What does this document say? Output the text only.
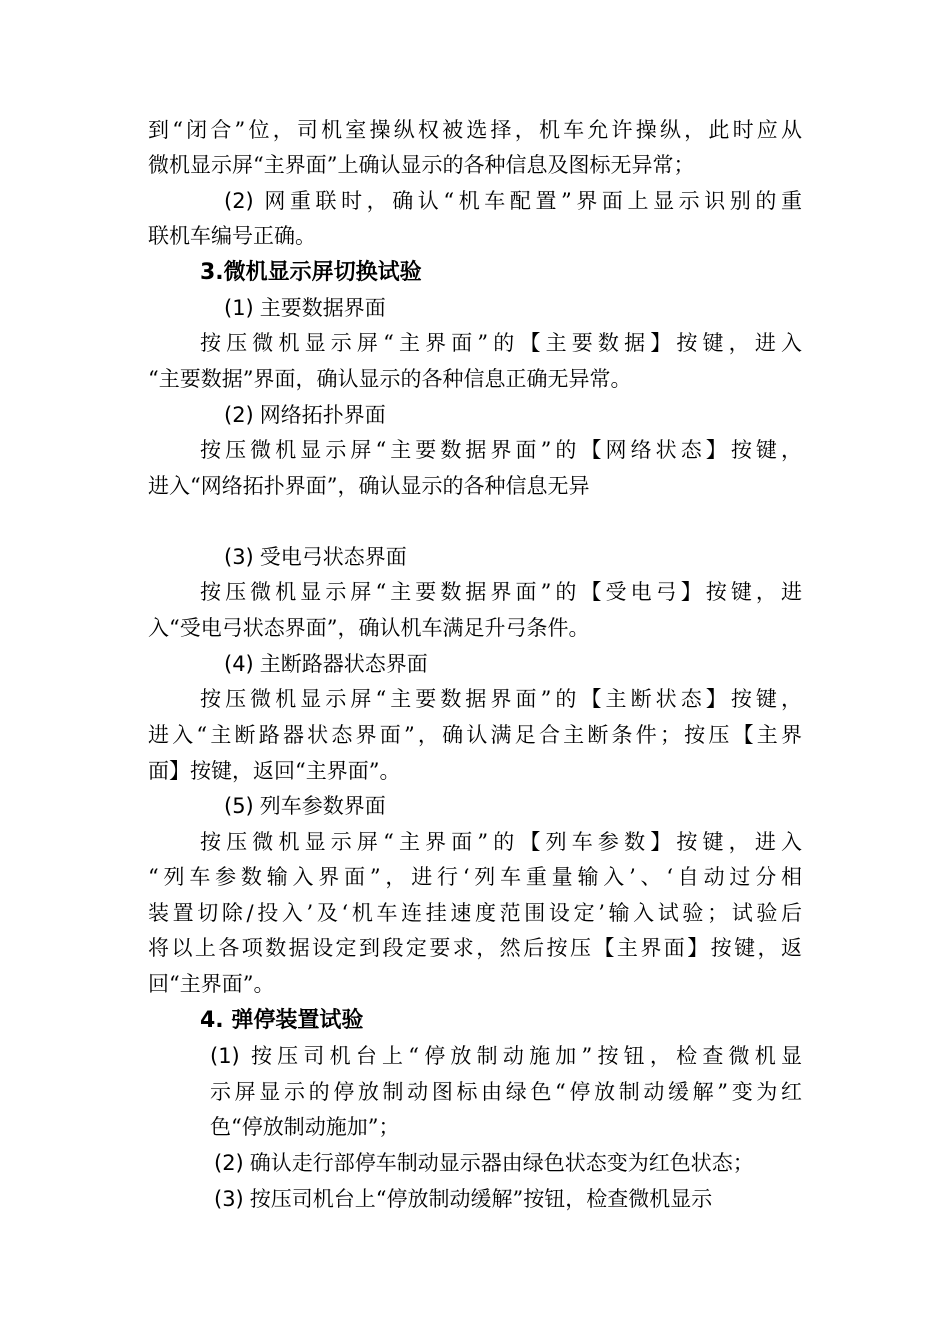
到“闭合”位，司机室操纵权被选择，机车允许操纵，此时应从

微机显示屏“主界面”上确认显示的各种信息及图标无异常；

(2) 网重联时，确认“机车配置”界面上显示识别的重

联机车编号正确。

3.微机显示屏切换试验

(1) 主要数据界面

按压微机显示屏“主界面”的【主要数据】按键，进入

“主要数据”界面，确认显示的各种信息正确无异常。

(2) 网络拓扑界面

按压微机显示屏“主要数据界面”的【网络状态】按键，

进入“网络拓扑界面”，确认显示的各种信息无异

(3) 受电弓状态界面

按压微机显示屏“主要数据界面”的【受电弓】按键，进

入“受电弓状态界面”，确认机车满足升弓条件。

(4) 主断路器状态界面

按压微机显示屏“主要数据界面”的【主断状态】按键，

进入“主断路器状态界面”，确认满足合主断条件；按压【主界

面】按键，返回“主界面”。

(5) 列车参数界面

按压微机显示屏“主界面”的【列车参数】按键，进入

“列车参数输入界面”，进行‘列车重量输入’、‘自动过分相

装置切除/投入’及‘机车连挂速度范围设定’输入试验；试验后

将以上各项数据设定到段定要求，然后按压【主界面】按键，返

回“主界面”。

4. 弹停装置试验

(1) 按压司机台上“停放制动施加”按钮，检查微机显

示屏显示的停放制动图标由绿色“停放制动缓解”变为红

色“停放制动施加”；

(2) 确认走行部停车制动显示器由绿色状态变为红色状态；

(3) 按压司机台上“停放制动缓解”按钮，检查微机显示
